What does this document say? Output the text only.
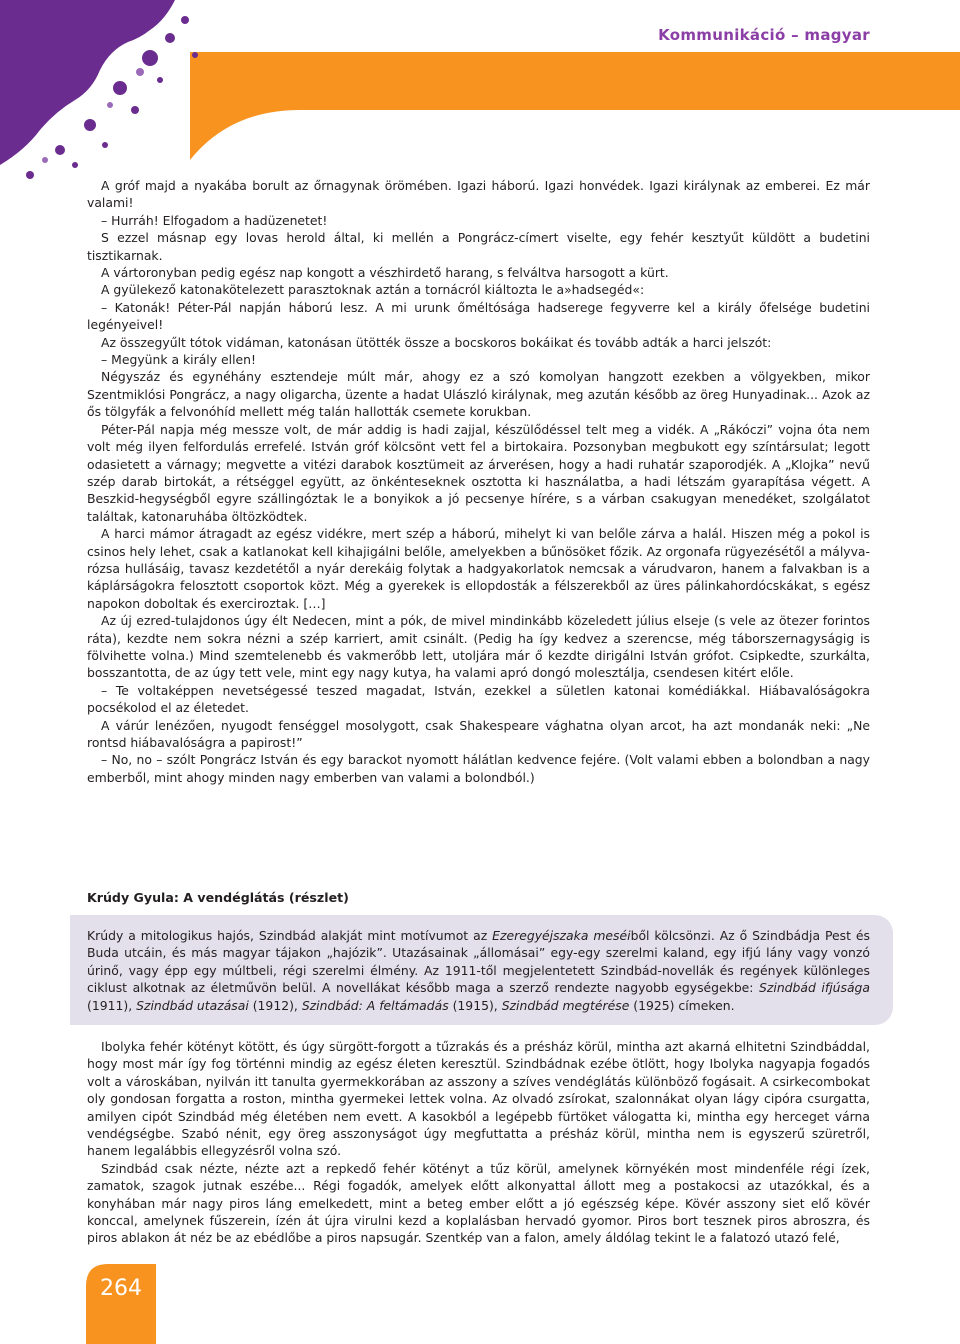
Kommunikáció – magyar

A gróf majd a nyakába borult az őrnagynak örömében. Igazi háború. Igazi honvédek. Igazi királynak az emberei. Ez már valami!

– Hurráh! Elfogadom a hadüzenetet!

S ezzel másnap egy lovas herold által, ki mellén a Pongrácz-címert viselte, egy fehér kesztyűt küldött a budetini tisztikarnak.

A vártoronyban pedig egész nap kongott a vészhirdető harang, s felváltva harsogott a kürt.

A gyülekező katonakötelezett parasztoknak aztán a tornácról kiáltozta le a»hadsegéd«:

– Katonák! Péter-Pál napján háború lesz. A mi urunk őméltósága hadserege fegyverre kel a király őfelsége budetini legényeivel!

Az összegyűlt tótok vidáman, katonásan ütötték össze a bocskoros bokáikat és tovább adták a harci jelszót:

– Megyünk a király ellen!

Négyszáz és egynéhány esztendeje múlt már, ahogy ez a szó komolyan hangzott ezekben a völgyekben, mikor Szentmiklósi Pongrácz, a nagy oligarcha, üzente a hadat Ulászló királynak, meg azután később az öreg Hunyadinak... Azok az ős tölgyfák a felvonóhíd mellett még talán hallották csemete korukban.

Péter-Pál napja még messze volt, de már addig is hadi zajjal, készülődéssel telt meg a vidék. A „Rákóczi” vojna óta nem volt még ilyen felfordulás errefelé. István gróf kölcsönt vett fel a birtokaira. Pozsonyban megbukott egy színtársulat; legott odasietett a várnagy; megvette a vitézi darabok kosztümeit az árverésen, hogy a hadi ruhatár szaporodjék. A „Klojka” nevű szép darab birtokát, a rétséggel együtt, az önkénteseknek osztotta ki használatba, a hadi létszám gyarapítása végett. A Beszkid-hegységből egyre szállingóztak le a bonyikok a jó pecsenye hírére, s a várban csakugyan menedéket, szolgálatot találtak, katonaruhába öltözködtek.

A harci mámor átragadt az egész vidékre, mert szép a háború, mihelyt ki van belőle zárva a halál. Hiszen még a pokol is csinos hely lehet, csak a katlanokat kell kihajigálni belőle, amelyekben a bűnösöket főzik. Az orgonafa rügyezésétől a mályva-rózsa hullásáig, tavasz kezdetétől a nyár derekáig folytak a hadgyakorlatok nemcsak a várudvaron, hanem a falvakban is a káplárságokra felosztott csoportok közt. Még a gyerekek is ellopdosták a félszerekből az üres pálinkahordócskákat, s egész napokon doboltak és exerciroztak. […]

Az új ezred-tulajdonos úgy élt Nedecen, mint a pók, de mivel mindinkább közeledett július elseje (s vele az ötezer forintos ráta), kezdte nem sokra nézni a szép karriert, amit csinált. (Pedig ha így kedvez a szerencse, még táborszernagyságig is fölvihette volna.) Mind szemtelenebb és vakmerőbb lett, utoljára már ő kezdte dirigálni István grófot. Csipkedte, szurkálta, bosszantotta, de az úgy tett vele, mint egy nagy kutya, ha valami apró dongó molesztálja, csendesen kitért előle.

– Te voltaképpen nevetségessé teszed magadat, István, ezekkel a sületlen katonai komédiákkal. Hiábavalóságokra pocsékolod el az életedet.

A várúr lenézően, nyugodt fenséggel mosolygott, csak Shakespeare vághatna olyan arcot, ha azt mondanák neki: „Ne rontsd hiábavalóságra a papirost!”

– No, no – szólt Pongrácz István és egy barackot nyomott hálátlan kedvence fejére. (Volt valami ebben a bolondban a nagy emberből, mint ahogy minden nagy emberben van valami a bolondból.)

Krúdy Gyula: A vendéglátás (részlet)

Krúdy a mitologikus hajós, Szindbád alakját mint motívumot az Ezeregyéjszaka meséiből kölcsönzi. Az ő Szindbádja Pest és Buda utcáin, és más magyar tájakon „hajózik”. Utazásainak „állomásai” egy-egy szerelmi kaland, egy ifjú lány vagy vonzó úrinő, vagy épp egy múltbeli, régi szerelmi élmény. Az 1911-től megjelentetett Szindbád-novellák és regények különleges ciklust alkotnak az életművön belül. A novellákat később maga a szerző rendezte nagyobb egységekbe: Szindbád ifjúsága (1911), Szindbád utazásai (1912), Szindbád: A feltámadás (1915), Szindbád megtérése (1925) címeken.

Ibolyka fehér kötényt kötött, és úgy sürgött-forgott a tűzrakás és a présház körül, mintha azt akarná elhitetni Szindbáddal, hogy most már így fog történni mindig az egész életen keresztül. Szindbádnak ezébe ötlött, hogy Ibolyka nagyapja fogadós volt a városkában, nyilván itt tanulta gyermekkorában az asszony a szíves vendéglátás különböző fogásait. A csirkecombokat oly gondosan forgatta a roston, mintha gyermekei lettek volna. Az olvadó zsírokat, szalonnákat olyan lágy cipóra csurgatta, amilyen cipót Szindbád még életében nem evett. A kasokból a legépebb fürtöket válogatta ki, mintha egy herceget várna vendégségbe. Szabó nénit, egy öreg asszonyságot úgy megfuttatta a présház körül, mintha nem is egyszerű szüretről, hanem legalábbis ellegyzésről volna szó.

Szindbád csak nézte, nézte azt a repkedő fehér kötényt a tűz körül, amelynek környékén most mindenféle régi ízek, zamatok, szagok jutnak eszébe... Régi fogadók, amelyek előtt alkonyattal állott meg a postakocsi az utazókkal, és a konyhában már nagy piros láng emelkedett, mint a beteg ember előtt a jó egészség képe. Kövér asszony siet elő kövér konccal, amelynek fűszerein, ízén át újra virulni kezd a koplalásban hervadó gyomor. Piros bort tesznek piros abroszra, és piros ablakon át néz be az ebédlőbe a piros napsugár. Szentkép van a falon, amely áldólag tekint le a falatozó utazó felé,

264
